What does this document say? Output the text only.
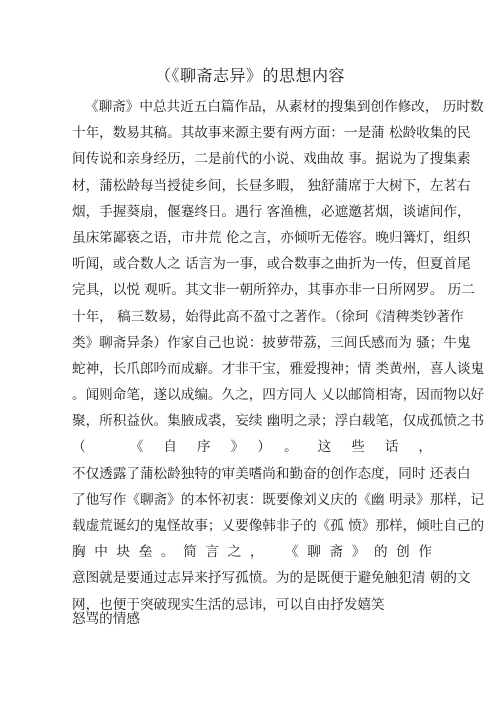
（《聊斋志异》的思想内容
《聊斋》中总共近五白篇作品，从素材的搜集到创作修改， 历时数
十年，数易其稿。其故事来源主要有两方面：一是蒲 松龄收集的民
间传说和亲身经历，二是前代的小说、戏曲故 事。据说为了搜集素
材，蒲松龄每当授徒乡间，长昼多暇， 独舒蒲席于大树下，左茗右
烟，手握葵扇，偃蹇终日。遇行 客渔樵，必遮邀茗烟，谈谑间作，
虽床笫鄙亵之语，市井荒 伦之言，亦倾听无倦容。晚归篝灯，组织
听闻，或合数人之 话言为一事，或合数事之曲折为一传，但夏首尾
完具，以悦 观听。其文非一朝所猝办，其事亦非一日所网罗。 历二
十年， 稿三数易，始得此高不盈寸之著作。（徐珂《清稗类钞著作
类》聊斋异条）作家自己也说：披萝带荔，三闾氏感而为 骚；牛鬼
蛇神，长爪郎吟而成癖。才非干宝，雅爱搜神；情 类黄州，喜人谈鬼
。闻则命笔，遂以成编。久之，四方同人 乂以邮筒相寄，因而物以好
聚，所积益伙。集腋成裘，妄续 幽明之录；浮白载笔，仅成孤愤之书
（ 《自序》）。这些话，
不仅透露了蒲松龄独特的审美嗜尚和勤奋的创作态度，同时 还表白
了他写作《聊斋》的本怀初衷：既要像刘义庆的《幽 明录》那样，记
载虚荒诞幻的鬼怪故事；乂要像韩非子的《孤 愤》那样，倾吐自己的
胸中块垒。简言之， 《聊斋》的创作
意图就是要通过志异来抒写孤愤。为的是既便于避免触犯清 朝的文
网，也便于突破现实生活的忌讳，可以自由抒发嬉笑
怒骂的情感
